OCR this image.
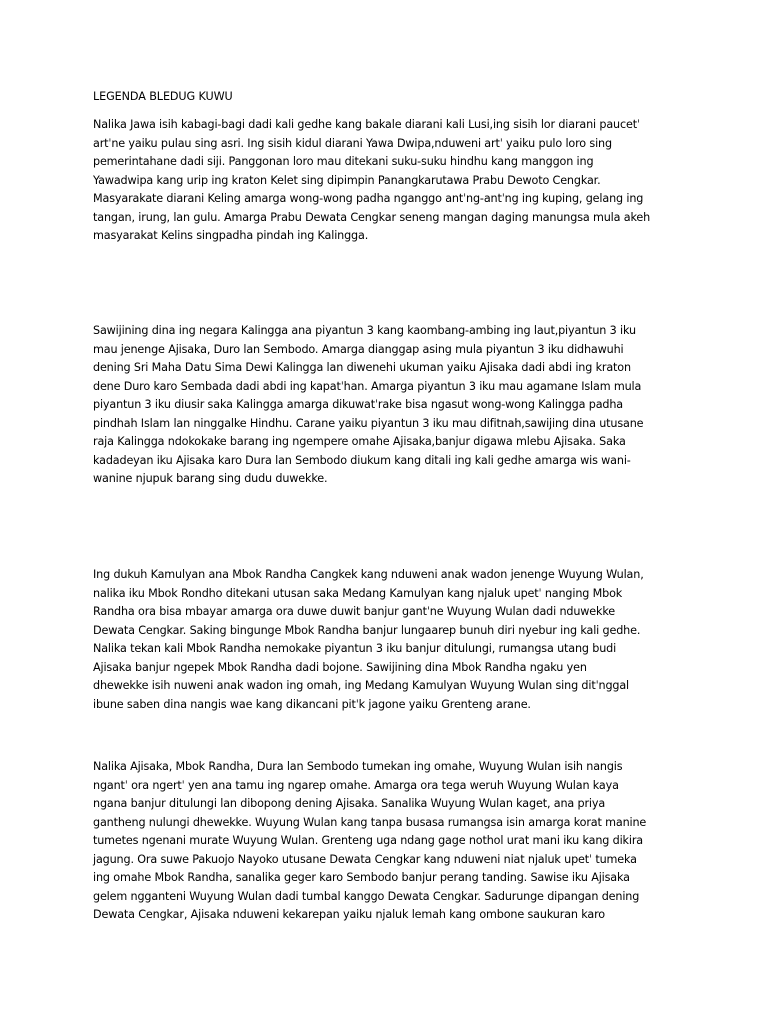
LEGENDA BLEDUG KUWU
Nalika Jawa isih kabagi-bagi dadi kali gedhe kang bakale diarani kali Lusi,ing sisih lor diarani paucetˈ
artˈne yaiku pulau sing asri. Ing sisih kidul diarani Yawa Dwipa,nduweni artˈ yaiku pulo loro sing
pemerintahane dadi siji. Panggonan loro mau ditekani suku-suku hindhu kang manggon ing
Yawadwipa kang urip ing kraton Kelet sing dipimpin Panangkarutawa Prabu Dewoto Cengkar.
Masyarakate diarani Keling amarga wong-wong padha nganggo antˈng-antˈng ing kuping, gelang ing
tangan, irung, lan gulu. Amarga Prabu Dewata Cengkar seneng mangan daging manungsa mula akeh
masyarakat Kelins singpadha pindah ing Kalingga.
Sawijining dina ing negara Kalingga ana piyantun 3 kang kaombang-ambing ing laut,piyantun 3 iku
mau jenenge Ajisaka, Duro lan Sembodo. Amarga dianggap asing mula piyantun 3 iku didhawuhi
dening Sri Maha Datu Sima Dewi Kalingga lan diwenehi ukuman yaiku Ajisaka dadi abdi ing kraton
dene Duro karo Sembada dadi abdi ing kapatˈhan. Amarga piyantun 3 iku mau agamane Islam mula
piyantun 3 iku diusir saka Kalingga amarga dikuwatˈrake bisa ngasut wong-wong Kalingga padha
pindhah Islam lan ninggalke Hindhu. Carane yaiku piyantun 3 iku mau difitnah,sawijing dina utusane
raja Kalingga ndokokake barang ing ngempere omahe Ajisaka,banjur digawa mlebu Ajisaka. Saka
kadadeyan iku Ajisaka karo Dura lan Sembodo diukum kang ditali ing kali gedhe amarga wis wani-
wanine njupuk barang sing dudu duwekke.
Ing dukuh Kamulyan ana Mbok Randha Cangkek kang nduweni anak wadon jenenge Wuyung Wulan,
nalika iku Mbok Rondho ditekani utusan saka Medang Kamulyan kang njaluk upetˈ nanging Mbok
Randha ora bisa mbayar amarga ora duwe duwit banjur gantˈne Wuyung Wulan dadi nduwekke
Dewata Cengkar. Saking bingunge Mbok Randha banjur lungaarep bunuh diri nyebur ing kali gedhe.
Nalika tekan kali Mbok Randha nemokake piyantun 3 iku banjur ditulungi, rumangsa utang budi
Ajisaka banjur ngepek Mbok Randha dadi bojone. Sawijining dina Mbok Randha ngaku yen
dhewekke isih nuweni anak wadon ing omah, ing Medang Kamulyan Wuyung Wulan sing ditˈnggal
ibune saben dina nangis wae kang dikancani pitˈk jagone yaiku Grenteng arane.
Nalika Ajisaka, Mbok Randha, Dura lan Sembodo tumekan ing omahe, Wuyung Wulan isih nangis
ngantˈ ora ngertˈ yen ana tamu ing ngarep omahe. Amarga ora tega weruh Wuyung Wulan kaya
ngana banjur ditulungi lan dibopong dening Ajisaka. Sanalika Wuyung Wulan kaget, ana priya
gantheng nulungi dhewekke. Wuyung Wulan kang tanpa busasa rumangsa isin amarga korat manine
tumetes ngenani murate Wuyung Wulan. Grenteng uga ndang gage nothol urat mani iku kang dikira
jagung. Ora suwe Pakuojo Nayoko utusane Dewata Cengkar kang nduweni niat njaluk upetˈ tumeka
ing omahe Mbok Randha, sanalika geger karo Sembodo banjur perang tanding. Sawise iku Ajisaka
gelem ngganteni Wuyung Wulan dadi tumbal kanggo Dewata Cengkar. Sadurunge dipangan dening
Dewata Cengkar, Ajisaka nduweni kekarepan yaiku njaluk lemah kang ombone saukuran karo
